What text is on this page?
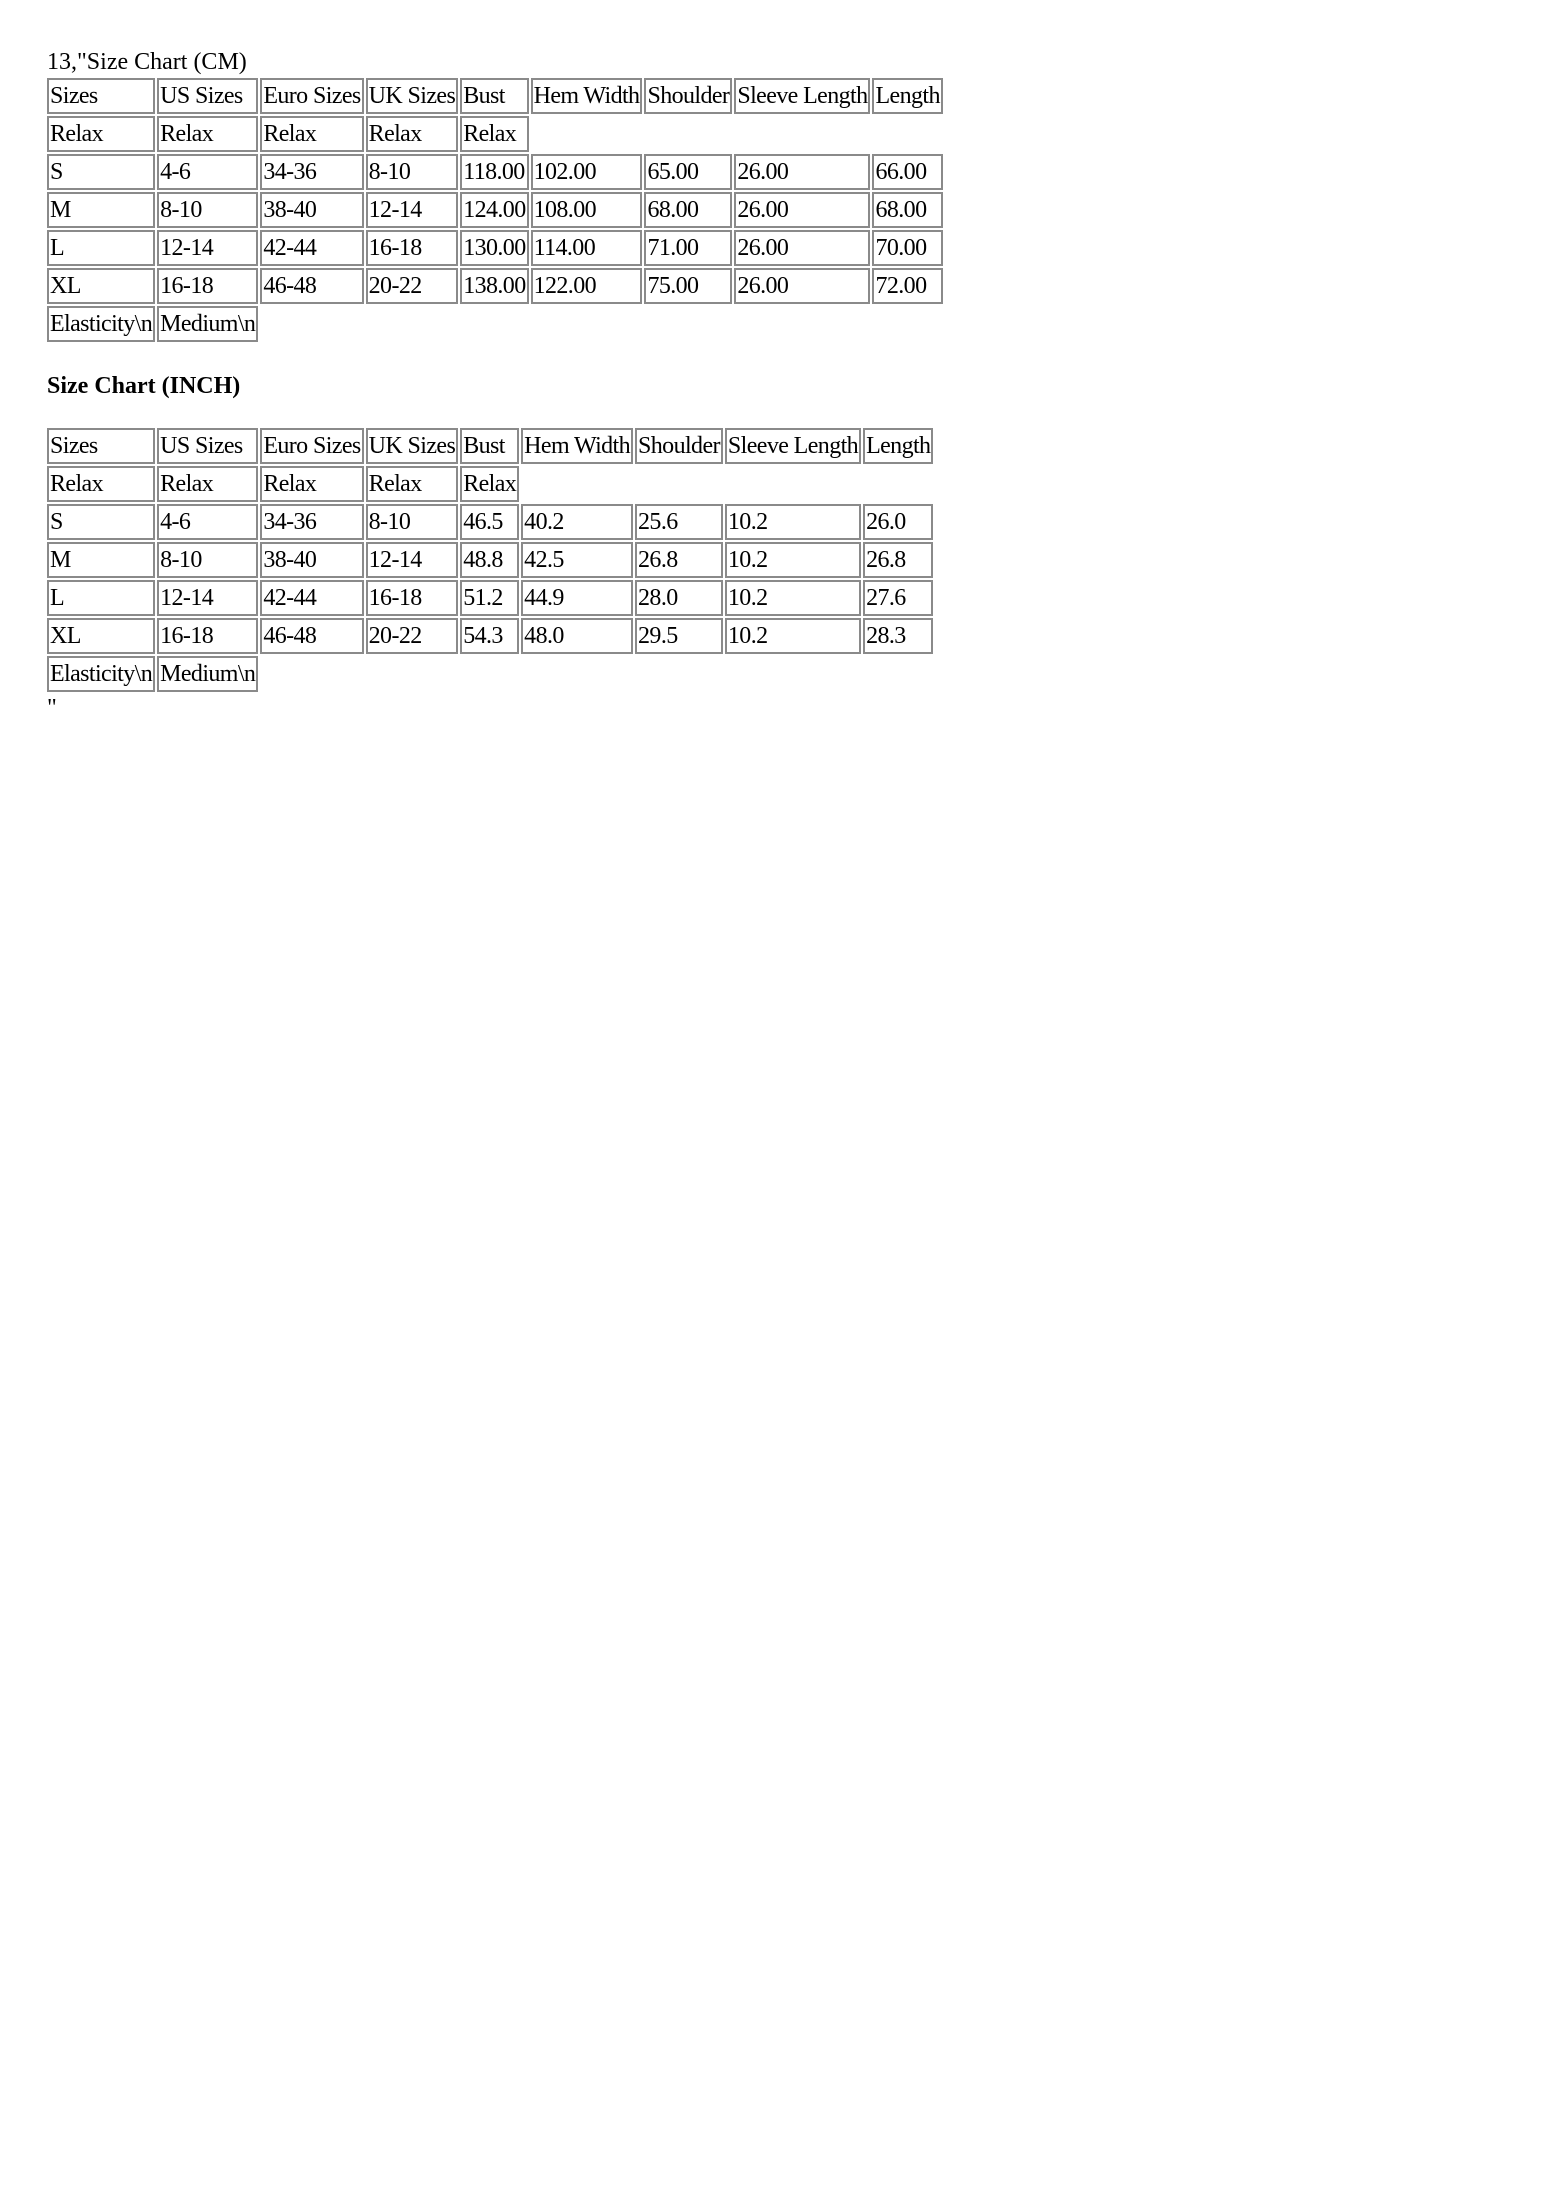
13,"Size Chart (CM)
Sizes	US Sizes	Euro Sizes	UK Sizes	Bust	Hem Width	Shoulder	Sleeve Length	Length
Relax	Relax	Relax	Relax	Relax				
S	4-6	34-36	8-10	118.00	102.00	65.00	26.00	66.00
M	8-10	38-40	12-14	124.00	108.00	68.00	26.00	68.00
L	12-14	42-44	16-18	130.00	114.00	71.00	26.00	70.00
XL	16-18	46-48	20-22	138.00	122.00	75.00	26.00	72.00
Elasticity\n	Medium\n							
Size Chart (INCH)
Sizes	US Sizes	Euro Sizes	UK Sizes	Bust	Hem Width	Shoulder	Sleeve Length	Length
Relax	Relax	Relax	Relax	Relax				
S	4-6	34-36	8-10	46.5	40.2	25.6	10.2	26.0
M	8-10	38-40	12-14	48.8	42.5	26.8	10.2	26.8
L	12-14	42-44	16-18	51.2	44.9	28.0	10.2	27.6
XL	16-18	46-48	20-22	54.3	48.0	29.5	10.2	28.3
Elasticity\n	Medium\n							
"
